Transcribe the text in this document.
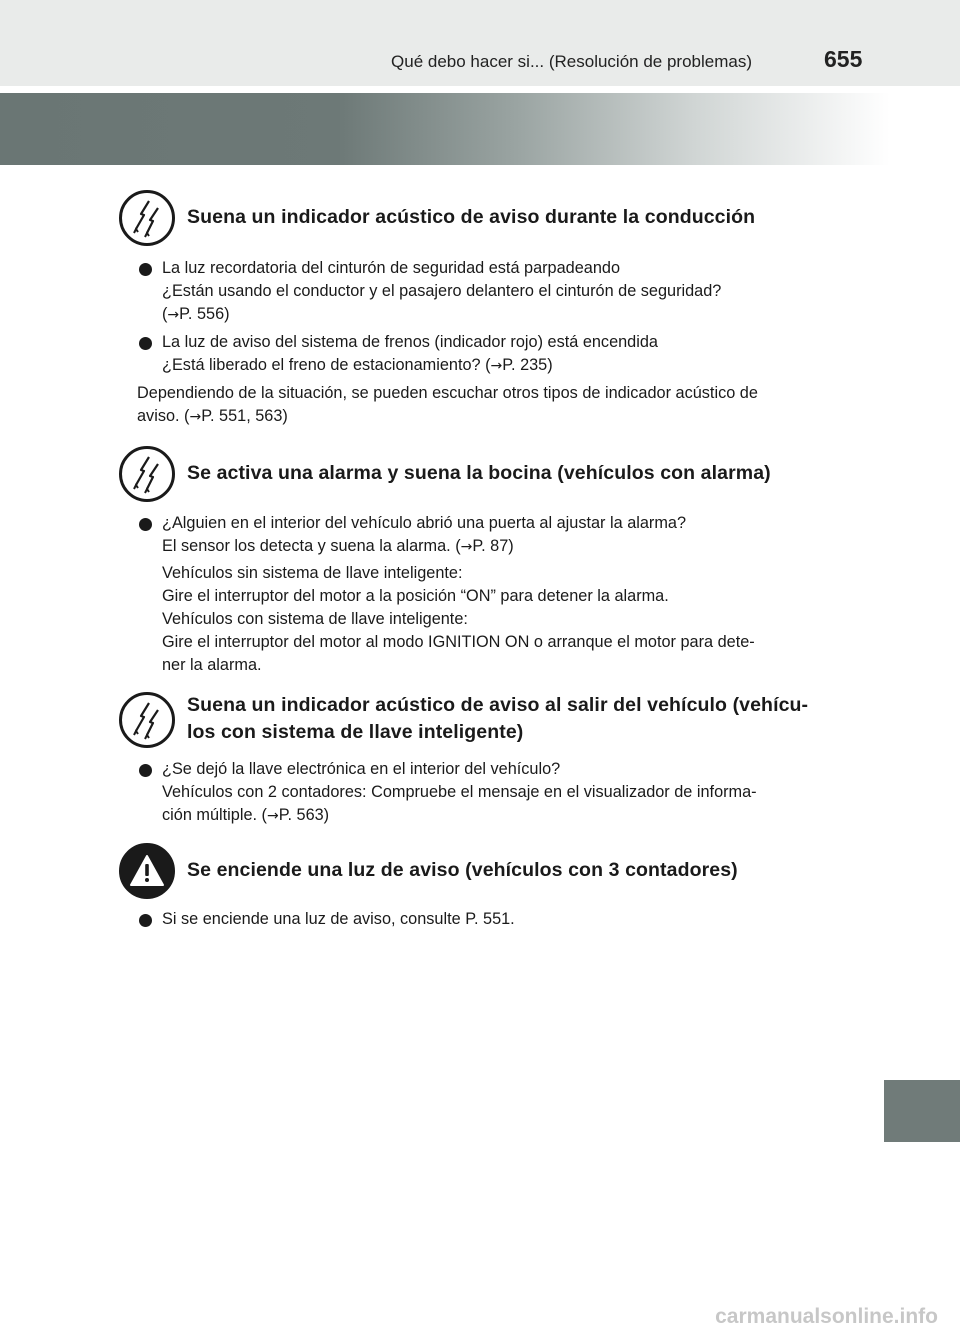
Qué debo hacer si... (Resolución de problemas)	655
Suena un indicador acústico de aviso durante la conducción
La luz recordatoria del cinturón de seguridad está parpadeando
¿Están usando el conductor y el pasajero delantero el cinturón de seguridad?
(→P. 556)
La luz de aviso del sistema de frenos (indicador rojo) está encendida
¿Está liberado el freno de estacionamiento? (→P. 235)
Dependiendo de la situación, se pueden escuchar otros tipos de indicador acústico de
aviso. (→P. 551, 563)
Se activa una alarma y suena la bocina (vehículos con alarma)
¿Alguien en el interior del vehículo abrió una puerta al ajustar la alarma?
El sensor los detecta y suena la alarma. (→P. 87)
Vehículos sin sistema de llave inteligente:
Gire el interruptor del motor a la posición “ON” para detener la alarma.
Vehículos con sistema de llave inteligente:
Gire el interruptor del motor al modo IGNITION ON o arranque el motor para dete-
ner la alarma.
Suena un indicador acústico de aviso al salir del vehículo (vehícu-
los con sistema de llave inteligente)
¿Se dejó la llave electrónica en el interior del vehículo?
Vehículos con 2 contadores: Compruebe el mensaje en el visualizador de informa-
ción múltiple. (→P. 563)
Se enciende una luz de aviso (vehículos con 3 contadores)
Si se enciende una luz de aviso, consulte P. 551.
carmanualsonline.info
